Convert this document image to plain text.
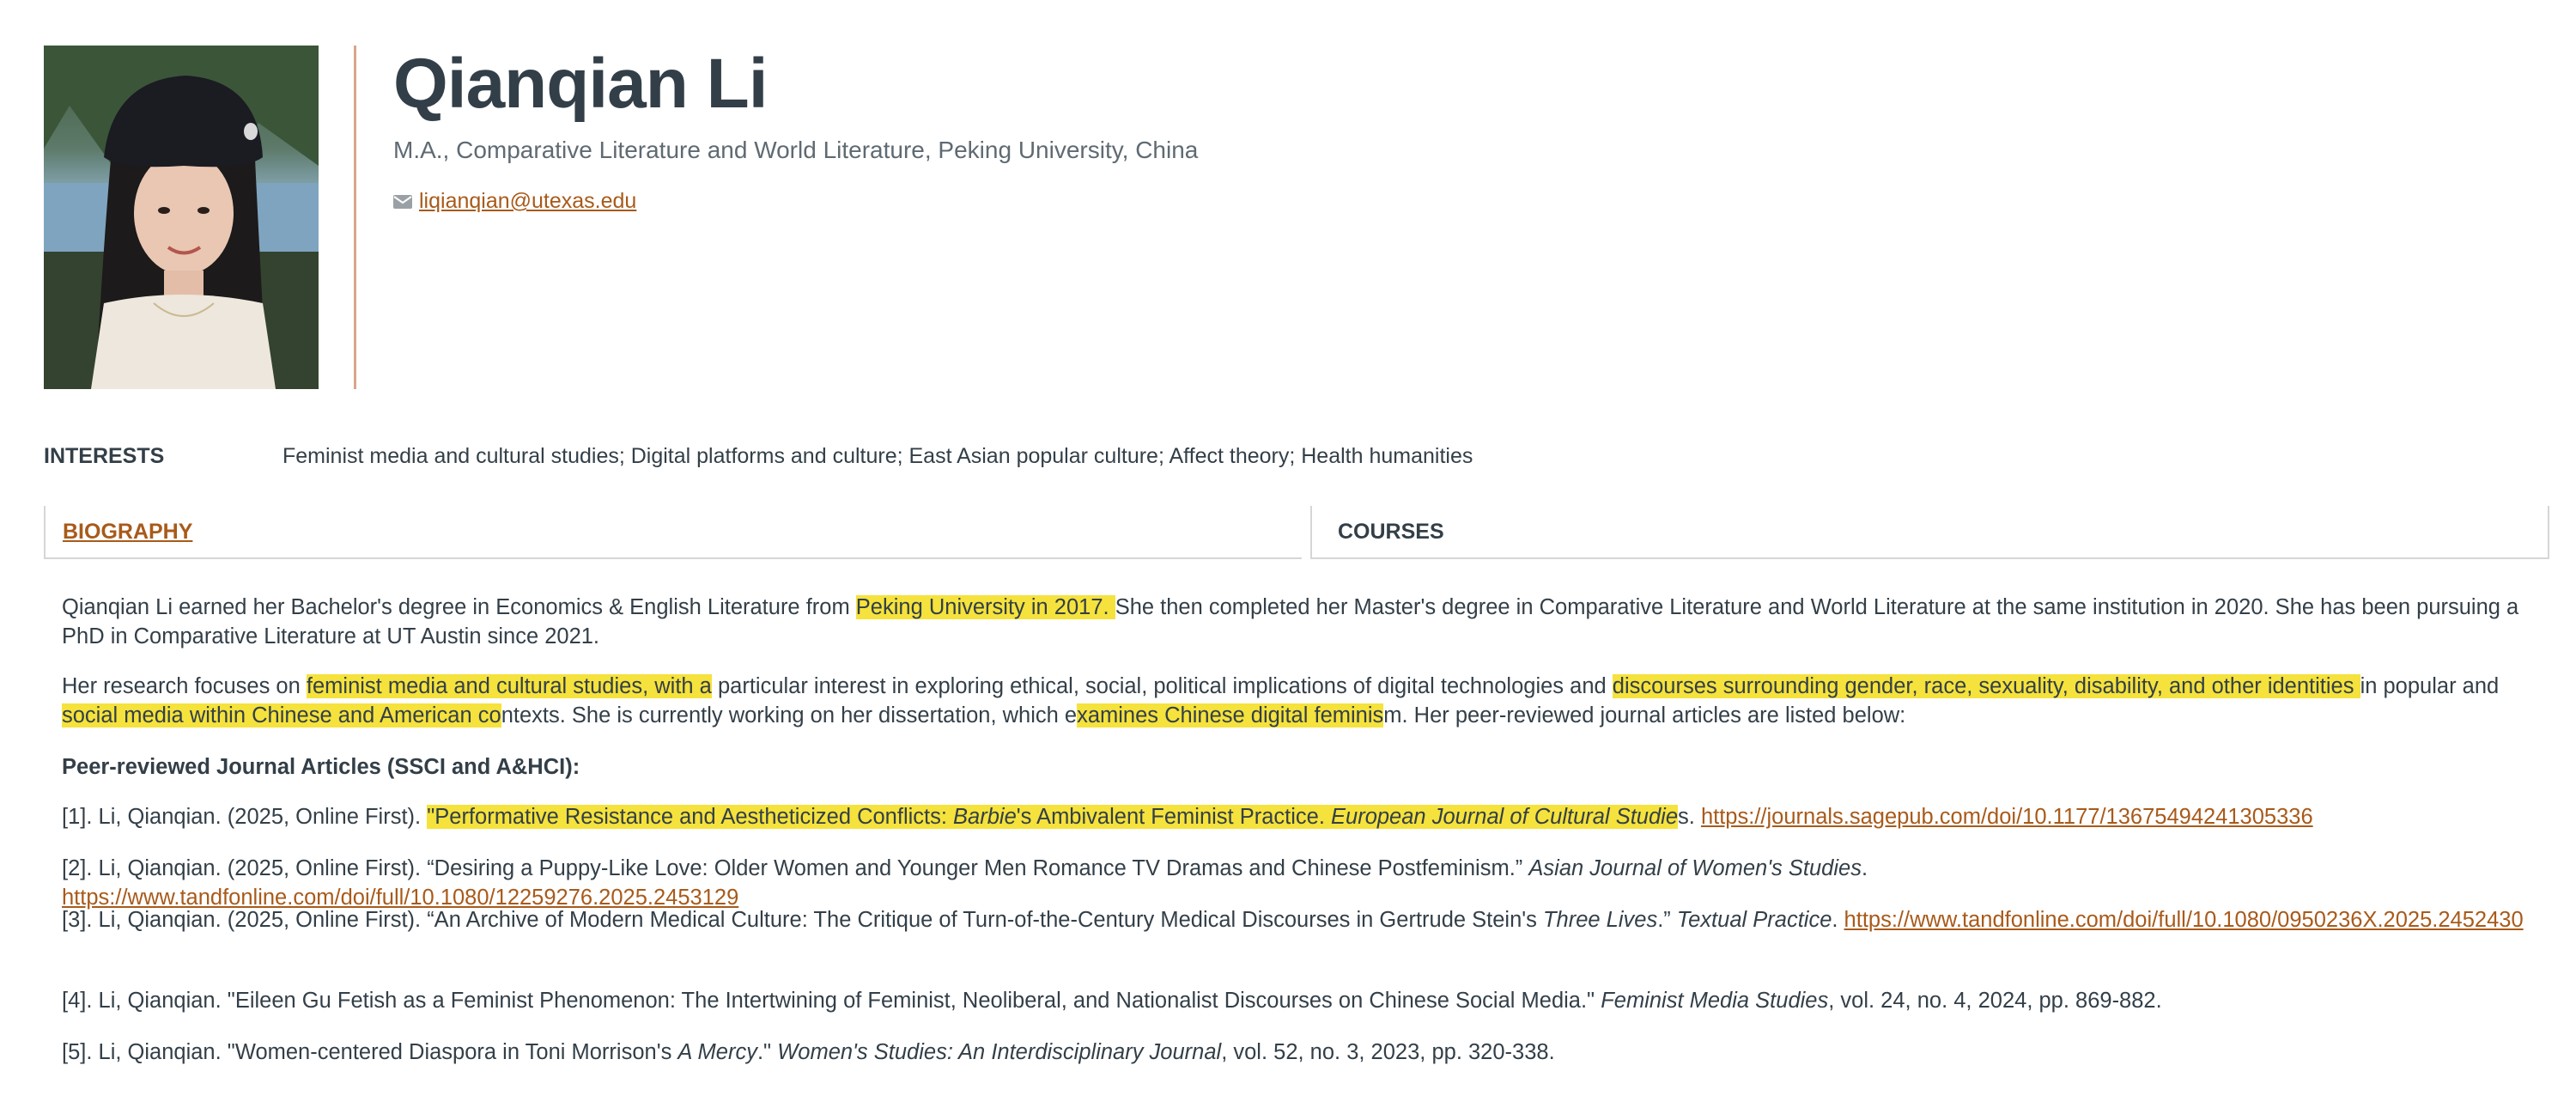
Qianqian Li
M.A., Comparative Literature and World Literature, Peking University, China
liqianqian@utexas.edu
INTERESTS	Feminist media and cultural studies; Digital platforms and culture; East Asian popular culture; Affect theory; Health humanities
BIOGRAPHY	COURSES

Qianqian Li earned her Bachelor's degree in Economics & English Literature from Peking University in 2017. She then completed her Master's degree in Comparative Literature and World Literature at the same institution in 2020. She has been pursuing a PhD in Comparative Literature at UT Austin since 2021.

Her research focuses on feminist media and cultural studies, with a particular interest in exploring ethical, social, political implications of digital technologies and discourses surrounding gender, race, sexuality, disability, and other identities in popular and social media within Chinese and American contexts. She is currently working on her dissertation, which examines Chinese digital feminism. Her peer-reviewed journal articles are listed below:

Peer-reviewed Journal Articles (SSCI and A&HCI):

[1]. Li, Qianqian. (2025, Online First). "Performative Resistance and Aestheticized Conflicts: Barbie's Ambivalent Feminist Practice. European Journal of Cultural Studies. https://journals.sagepub.com/doi/10.1177/13675494241305336

[2]. Li, Qianqian. (2025, Online First). “Desiring a Puppy-Like Love: Older Women and Younger Men Romance TV Dramas and Chinese Postfeminism.” Asian Journal of Women's Studies. https://www.tandfonline.com/doi/full/10.1080/12259276.2025.2453129

[3]. Li, Qianqian. (2025, Online First). “An Archive of Modern Medical Culture: The Critique of Turn-of-the-Century Medical Discourses in Gertrude Stein's Three Lives.” Textual Practice. https://www.tandfonline.com/doi/full/10.1080/0950236X.2025.2452430

[4]. Li, Qianqian. "Eileen Gu Fetish as a Feminist Phenomenon: The Intertwining of Feminist, Neoliberal, and Nationalist Discourses on Chinese Social Media." Feminist Media Studies, vol. 24, no. 4, 2024, pp. 869-882.

[5]. Li, Qianqian. "Women-centered Diaspora in Toni Morrison's A Mercy." Women's Studies: An Interdisciplinary Journal, vol. 52, no. 3, 2023, pp. 320-338.
